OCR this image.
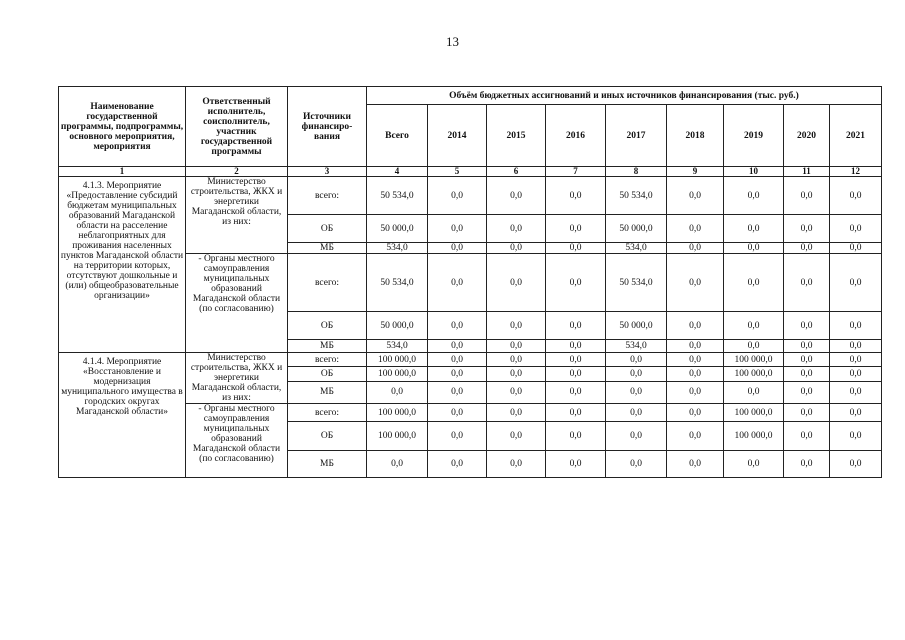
13
Наименование государственной программы, подпрограммы, основного мероприятия, мероприятия	Ответственный исполнитель, соисполнитель, участник государственной программы	Источники финансиро-вания	Объём бюджетных ассигнований и иных источников финансирования (тыс. руб.)								
			Всего	2014	2015	2016	2017	2018	2019	2020	2021
1	2	3	4	5	6	7	8	9	10	11	12
4.1.3. Мероприятие «Предоставление субсидий бюджетам муниципальных образований Магаданской области на расселение неблагоприятных для проживания населенных пунктов Магаданской области на территории которых, отсутствуют дошкольные и (или) общеобразовательные организации»	Министерство строительства, ЖКХ и энергетики Магаданской области, из них:	всего:	50 534,0	0,0	0,0	0,0	50 534,0	0,0	0,0	0,0	0,0
		ОБ	50 000,0	0,0	0,0	0,0	50 000,0	0,0	0,0	0,0	0,0
		МБ	534,0	0,0	0,0	0,0	534,0	0,0	0,0	0,0	0,0
	- Органы местного самоуправления муниципальных образований Магаданской области (по согласованию)	всего:	50 534,0	0,0	0,0	0,0	50 534,0	0,0	0,0	0,0	0,0
		ОБ	50 000,0	0,0	0,0	0,0	50 000,0	0,0	0,0	0,0	0,0
		МБ	534,0	0,0	0,0	0,0	534,0	0,0	0,0	0,0	0,0
4.1.4. Мероприятие «Восстановление и модернизация муниципального имущества в городских округах Магаданской области»	Министерство строительства, ЖКХ и энергетики Магаданской области, из них:	всего:	100 000,0	0,0	0,0	0,0	0,0	0,0	100 000,0	0,0	0,0
		ОБ	100 000,0	0,0	0,0	0,0	0,0	0,0	100 000,0	0,0	0,0
		МБ	0,0	0,0	0,0	0,0	0,0	0,0	0,0	0,0	0,0
	- Органы местного самоуправления муниципальных образований Магаданской области (по согласованию)	всего:	100 000,0	0,0	0,0	0,0	0,0	0,0	100 000,0	0,0	0,0
		ОБ	100 000,0	0,0	0,0	0,0	0,0	0,0	100 000,0	0,0	0,0
		МБ	0,0	0,0	0,0	0,0	0,0	0,0	0,0	0,0	0,0
